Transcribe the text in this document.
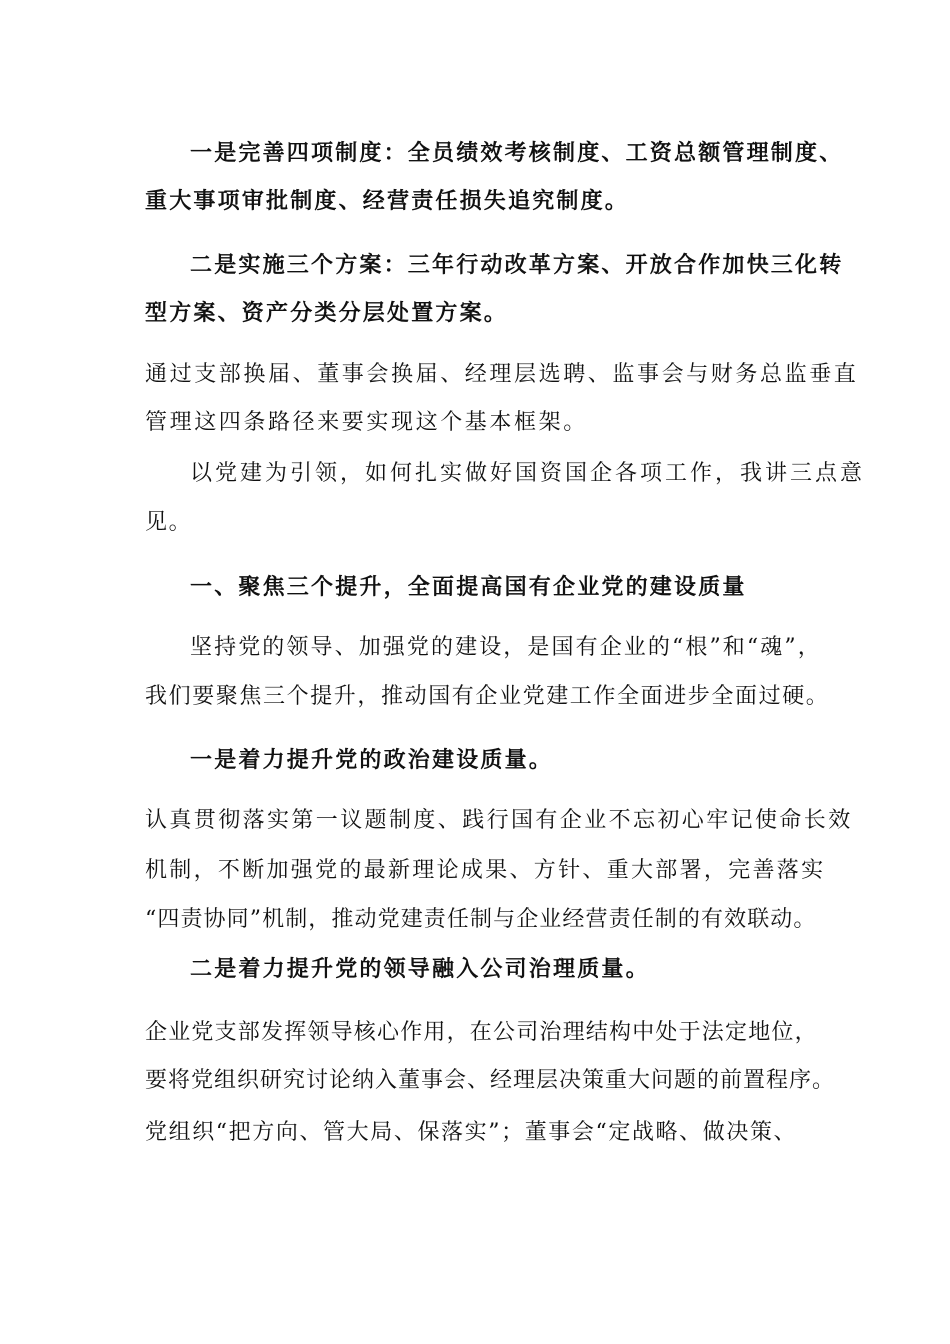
一是完善四项制度：全员绩效考核制度、工资总额管理制度、
重大事项审批制度、经营责任损失追究制度。
二是实施三个方案：三年行动改革方案、开放合作加快三化转
型方案、资产分类分层处置方案。
通过支部换届、董事会换届、经理层选聘、监事会与财务总监垂直
管理这四条路径来要实现这个基本框架。
以党建为引领，如何扎实做好国资国企各项工作，我讲三点意
见。
一、聚焦三个提升，全面提高国有企业党的建设质量
坚持党的领导、加强党的建设，是国有企业的“根”和“魂”，
我们要聚焦三个提升，推动国有企业党建工作全面进步全面过硬。
一是着力提升党的政治建设质量。
认真贯彻落实第一议题制度、践行国有企业不忘初心牢记使命长效
机制，不断加强党的最新理论成果、方针、重大部署，完善落实
“四责协同”机制，推动党建责任制与企业经营责任制的有效联动。
二是着力提升党的领导融入公司治理质量。
企业党支部发挥领导核心作用，在公司治理结构中处于法定地位，
要将党组织研究讨论纳入董事会、经理层决策重大问题的前置程序。
党组织“把方向、管大局、保落实”；董事会“定战略、做决策、
